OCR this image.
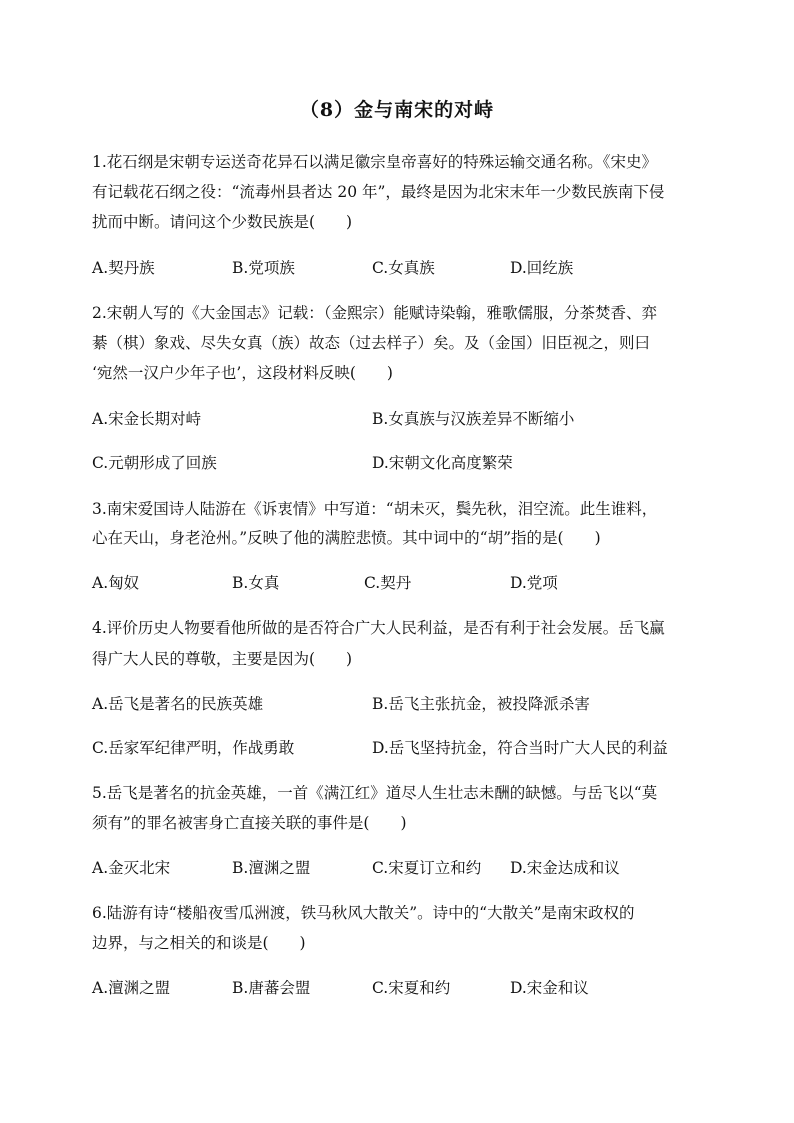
（8）金与南宋的对峙
1.花石纲是宋朝专运送奇花异石以满足徽宗皇帝喜好的特殊运输交通名称。《宋史》
有记载花石纲之役：“流毒州县者达 20 年”，最终是因为北宋末年一少数民族南下侵
扰而中断。请问这个少数民族是(　　)
A.契丹族	B.党项族	C.女真族	D.回纥族
2.宋朝人写的《大金国志》记载：（金熙宗）能赋诗染翰，雅歌儒服，分茶焚香、弈
綦（棋）象戏、尽失女真（族）故态（过去样子）矣。及（金国）旧臣视之，则曰
‘宛然一汉户少年子也’，这段材料反映(　　)
A.宋金长期对峙	B.女真族与汉族差异不断缩小
C.元朝形成了回族	D.宋朝文化高度繁荣
3.南宋爱国诗人陆游在《诉衷情》中写道：“胡未灭，鬓先秋，泪空流。此生谁料，
心在天山，身老沧州。”反映了他的满腔悲愤。其中词中的“胡”指的是(　　)
A.匈奴	B.女真	C.契丹	D.党项
4.评价历史人物要看他所做的是否符合广大人民利益，是否有利于社会发展。岳飞赢
得广大人民的尊敬，主要是因为(　　)
A.岳飞是著名的民族英雄	B.岳飞主张抗金，被投降派杀害
C.岳家军纪律严明，作战勇敢	D.岳飞坚持抗金，符合当时广大人民的利益
5.岳飞是著名的抗金英雄，一首《满江红》道尽人生壮志未酬的缺憾。与岳飞以“莫
须有”的罪名被害身亡直接关联的事件是(　　)
A.金灭北宋	B.澶渊之盟	C.宋夏订立和约 D.宋金达成和议
6.陆游有诗“楼船夜雪瓜洲渡，铁马秋风大散关”。诗中的“大散关”是南宋政权的
边界，与之相关的和谈是(　　)
A.澶渊之盟	B.唐蕃会盟	C.宋夏和约	D.宋金和议
